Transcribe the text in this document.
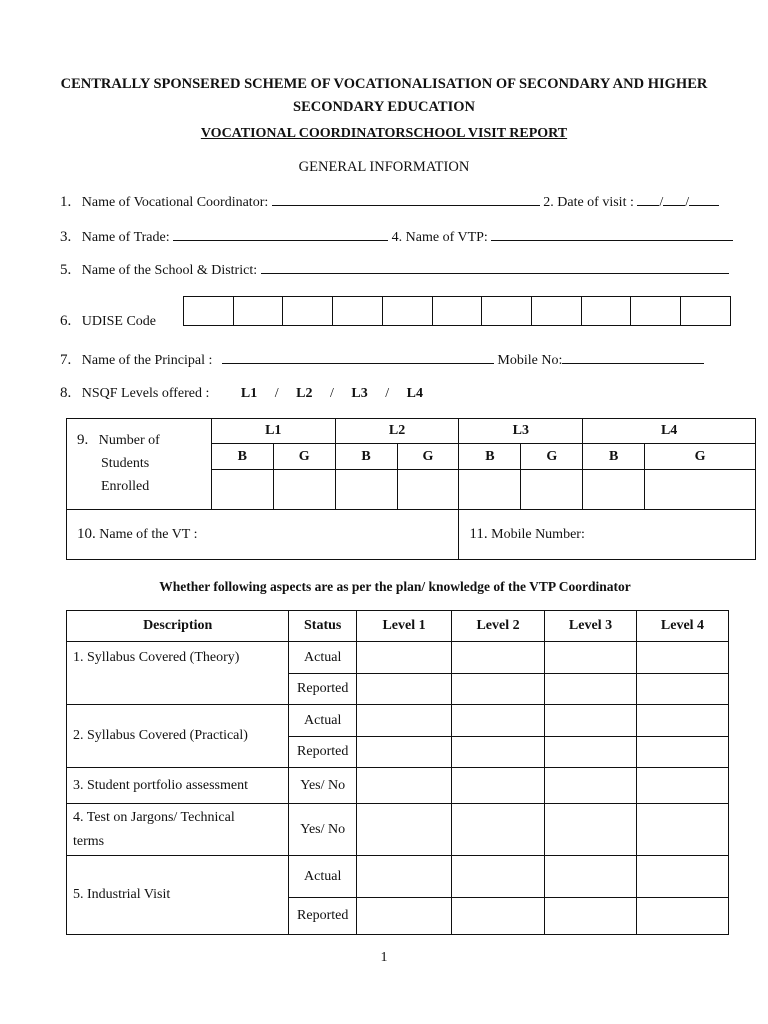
CENTRALLY SPONSERED SCHEME OF VOCATIONALISATION OF SECONDARY AND HIGHER
SECONDARY EDUCATION
VOCATIONAL COORDINATORSCHOOL VISIT REPORT
GENERAL INFORMATION
1. Name of Vocational Coordinator:	2. Date of visit : / /
3. Name of Trade:	4. Name of VTP:
5. Name of the School & District:
6. UDISE Code

7. Name of the Principal :	Mobile No:
8. NSQF Levels offered : L1 / L2 / L3 / L4
9. Number of
Students
Enrolled	L1		L2		L3		L4	
	B	G	B	G	B	G	B	G

10. Name of the VT :					11. Mobile Number:			
Whether following aspects are as per the plan/ knowledge of the VTP Coordinator
Description	Status	Level 1	Level 2	Level 3	Level 4
1. Syllabus Covered (Theory)	Actual				
	Reported				
2. Syllabus Covered (Practical)	Actual				
	Reported				
3. Student portfolio assessment	Yes/ No				
4. Test on Jargons/ Technical
terms	Yes/ No				
5. Industrial Visit	Actual				
	Reported				
1
